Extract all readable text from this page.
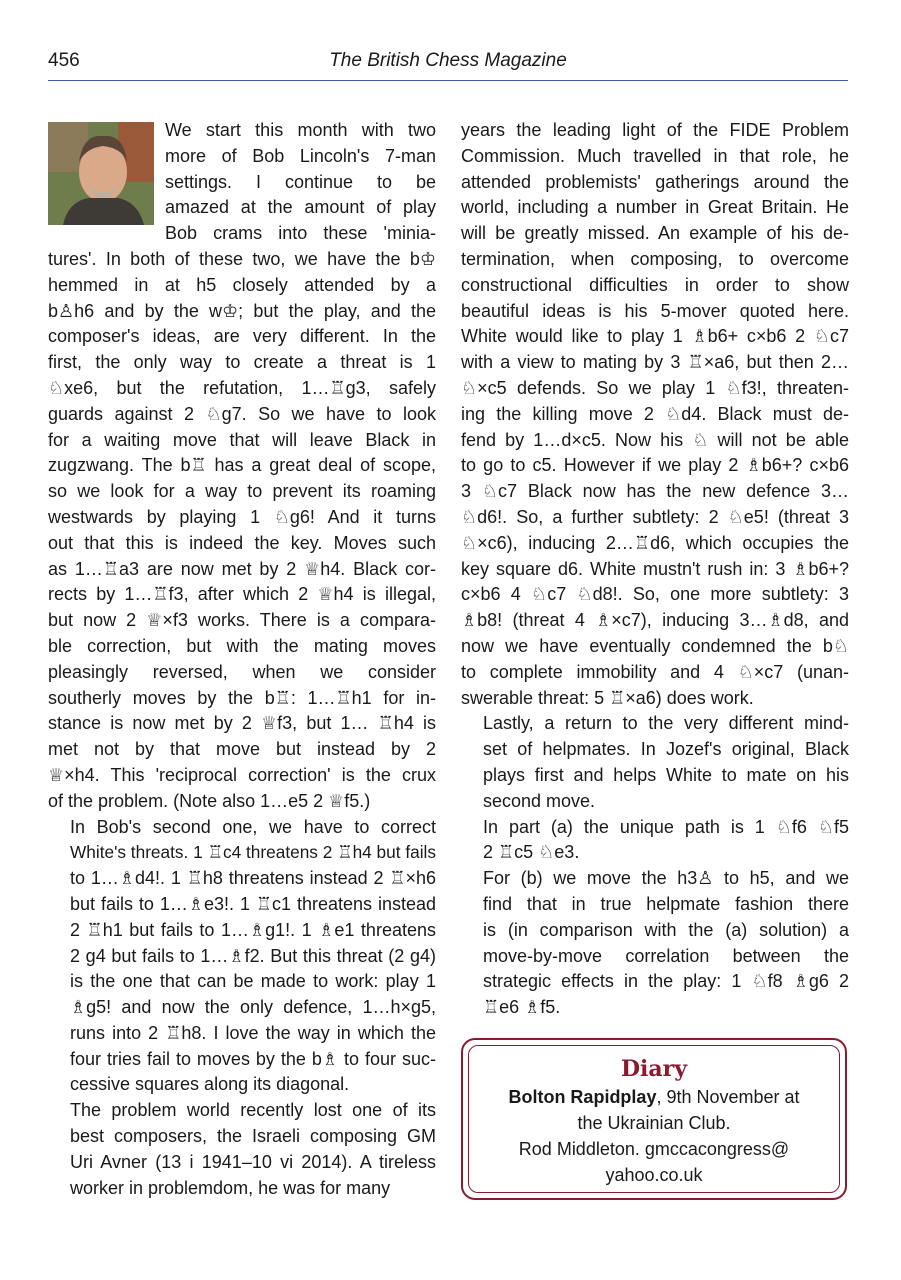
456	The British Chess Magazine

We start this month with two
more of Bob Lincoln's 7-man
settings. I continue to be
amazed at the amount of play
Bob crams into these 'minia-
tures'. In both of these two, we have the b♔
hemmed in at h5 closely attended by a
b♙h6 and by the w♔; but the play, and the
composer's ideas, are very different. In the
first, the only way to create a threat is 1
♘xe6, but the refutation, 1…♖g3, safely
guards against 2 ♘g7. So we have to look
for a waiting move that will leave Black in
zugzwang. The b♖ has a great deal of scope,
so we look for a way to prevent its roaming
westwards by playing 1 ♘g6! And it turns
out that this is indeed the key. Moves such
as 1…♖a3 are now met by 2 ♕h4. Black cor-
rects by 1…♖f3, after which 2 ♕h4 is illegal,
but now 2 ♕×f3 works. There is a compara-
ble correction, but with the mating moves
pleasingly reversed, when we consider
southerly moves by the b♖: 1…♖h1 for in-
stance is now met by 2 ♕f3, but 1… ♖h4 is
met not by that move but instead by 2
♕×h4. This 'reciprocal correction' is the crux
of the problem. (Note also 1…e5 2 ♕f5.)

In Bob's second one, we have to correct
White's threats. 1 ♖c4 threatens 2 ♖h4 but fails
to 1…♗d4!. 1 ♖h8 threatens instead 2 ♖×h6
but fails to 1…♗e3!. 1 ♖c1 threatens instead
2 ♖h1 but fails to 1…♗g1!. 1 ♗e1 threatens
2 g4 but fails to 1…♗f2. But this threat (2 g4)
is the one that can be made to work: play 1
♗g5! and now the only defence, 1…h×g5,
runs into 2 ♖h8. I love the way in which the
four tries fail to moves by the b♗ to four suc-
cessive squares along its diagonal.

The problem world recently lost one of its
best composers, the Israeli composing GM
Uri Avner (13 i 1941–10 vi 2014). A tireless
worker in problemdom, he was for many

years the leading light of the FIDE Problem
Commission. Much travelled in that role, he
attended problemists' gatherings around the
world, including a number in Great Britain. He
will be greatly missed. An example of his de-
termination, when composing, to overcome
constructional difficulties in order to show
beautiful ideas is his 5-mover quoted here.
White would like to play 1 ♗b6+ c×b6 2 ♘c7
with a view to mating by 3 ♖×a6, but then 2…
♘×c5 defends. So we play 1 ♘f3!, threaten-
ing the killing move 2 ♘d4. Black must de-
fend by 1…d×c5. Now his ♘ will not be able
to go to c5. However if we play 2 ♗b6+? c×b6
3 ♘c7 Black now has the new defence 3…
♘d6!. So, a further subtlety: 2 ♘e5! (threat 3
♘×c6), inducing 2…♖d6, which occupies the
key square d6. White mustn't rush in: 3 ♗b6+?
c×b6 4 ♘c7 ♘d8!. So, one more subtlety: 3
♗b8! (threat 4 ♗×c7), inducing 3…♗d8, and
now we have eventually condemned the b♘
to complete immobility and 4 ♘×c7 (unan-
swerable threat: 5 ♖×a6) does work.

Lastly, a return to the very different mind-
set of helpmates. In Jozef's original, Black
plays first and helps White to mate on his
second move.

In part (a) the unique path is 1 ♘f6 ♘f5
2 ♖c5 ♘e3.

For (b) we move the h3♙ to h5, and we
find that in true helpmate fashion there
is (in comparison with the (a) solution) a
move-by-move correlation between the
strategic effects in the play: 1 ♘f8 ♗g6 2
♖e6 ♗f5.

Diary
Bolton Rapidplay, 9th November at
the Ukrainian Club.
Rod Middleton. gmccacongress@
yahoo.co.uk
